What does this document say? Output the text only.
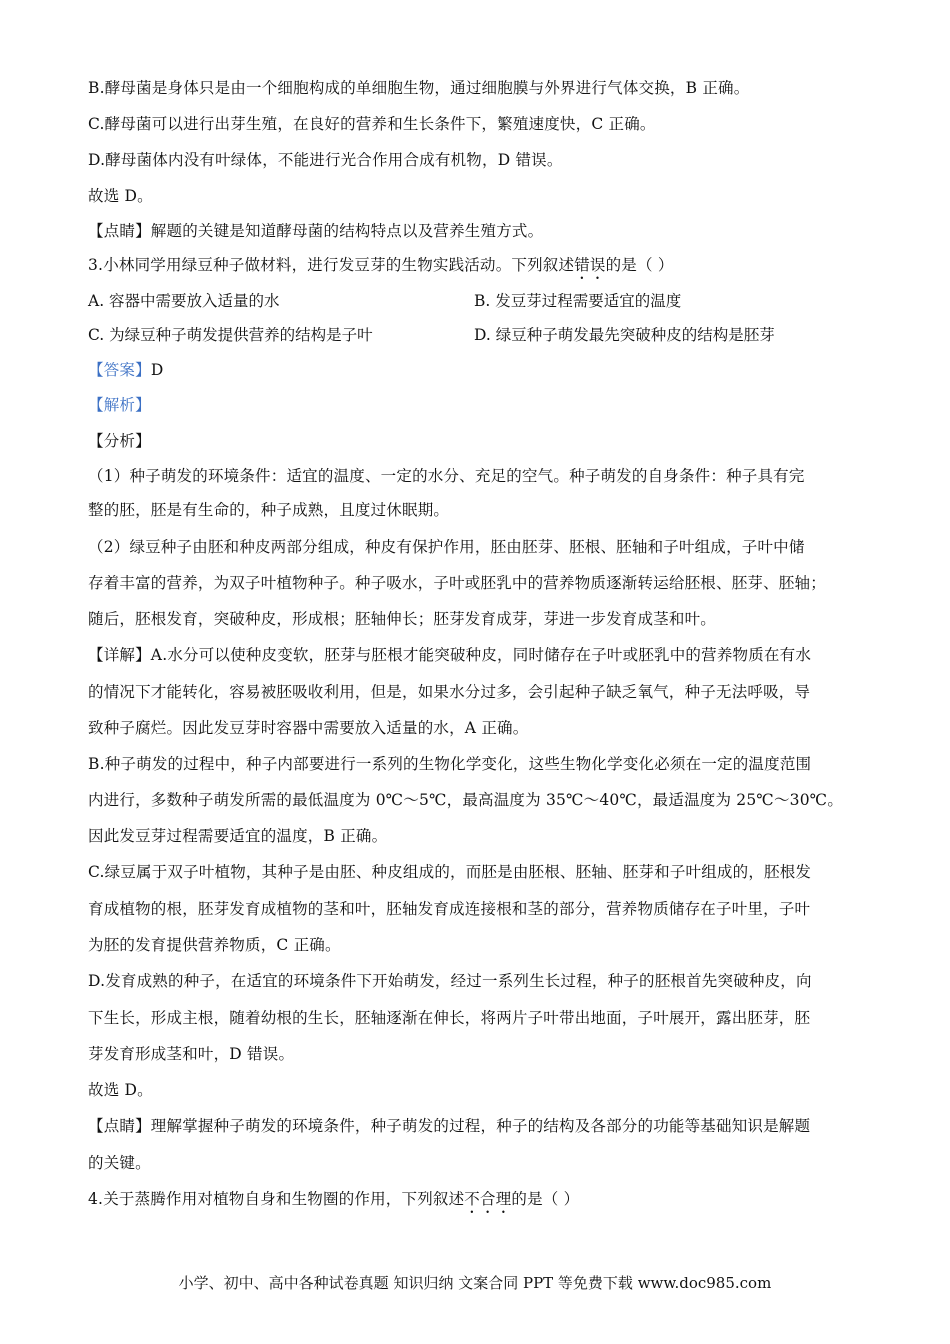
B.酵母菌是身体只是由一个细胞构成的单细胞生物，通过细胞膜与外界进行气体交换，B 正确。
C.酵母菌可以进行出芽生殖，在良好的营养和生长条件下，繁殖速度快，C 正确。
D.酵母菌体内没有叶绿体，不能进行光合作用合成有机物，D 错误。
故选 D。
【点睛】解题的关键是知道酵母菌的结构特点以及营养生殖方式。
3.小林同学用绿豆种子做材料，进行发豆芽的生物实践活动。下列叙述错误的是（ ）
A. 容器中需要放入适量的水	B. 发豆芽过程需要适宜的温度
C. 为绿豆种子萌发提供营养的结构是子叶	D. 绿豆种子萌发最先突破种皮的结构是胚芽
【答案】D
【解析】
【分析】
（1）种子萌发的环境条件：适宜的温度、一定的水分、充足的空气。种子萌发的自身条件：种子具有完
整的胚，胚是有生命的，种子成熟，且度过休眠期。
（2）绿豆种子由胚和种皮两部分组成，种皮有保护作用，胚由胚芽、胚根、胚轴和子叶组成，子叶中储
存着丰富的营养，为双子叶植物种子。种子吸水，子叶或胚乳中的营养物质逐渐转运给胚根、胚芽、胚轴；
随后，胚根发育，突破种皮，形成根；胚轴伸长；胚芽发育成芽，芽进一步发育成茎和叶。
【详解】A.水分可以使种皮变软，胚芽与胚根才能突破种皮，同时储存在子叶或胚乳中的营养物质在有水
的情况下才能转化，容易被胚吸收利用，但是，如果水分过多，会引起种子缺乏氧气，种子无法呼吸，导
致种子腐烂。因此发豆芽时容器中需要放入适量的水，A 正确。
B.种子萌发的过程中，种子内部要进行一系列的生物化学变化，这些生物化学变化必须在一定的温度范围
内进行，多数种子萌发所需的最低温度为 0℃～5℃，最高温度为 35℃～40℃，最适温度为 25℃～30℃。
因此发豆芽过程需要适宜的温度，B 正确。
C.绿豆属于双子叶植物，其种子是由胚、种皮组成的，而胚是由胚根、胚轴、胚芽和子叶组成的，胚根发
育成植物的根，胚芽发育成植物的茎和叶，胚轴发育成连接根和茎的部分，营养物质储存在子叶里，子叶
为胚的发育提供营养物质，C 正确。
D.发育成熟的种子，在适宜的环境条件下开始萌发，经过一系列生长过程，种子的胚根首先突破种皮，向
下生长，形成主根，随着幼根的生长，胚轴逐渐在伸长，将两片子叶带出地面，子叶展开，露出胚芽，胚
芽发育形成茎和叶，D 错误。
故选 D。
【点睛】理解掌握种子萌发的环境条件，种子萌发的过程，种子的结构及各部分的功能等基础知识是解题
的关键。
4.关于蒸腾作用对植物自身和生物圈的作用，下列叙述不合理的是（ ）
小学、初中、高中各种试卷真题 知识归纳 文案合同 PPT 等免费下载 www.doc985.com
